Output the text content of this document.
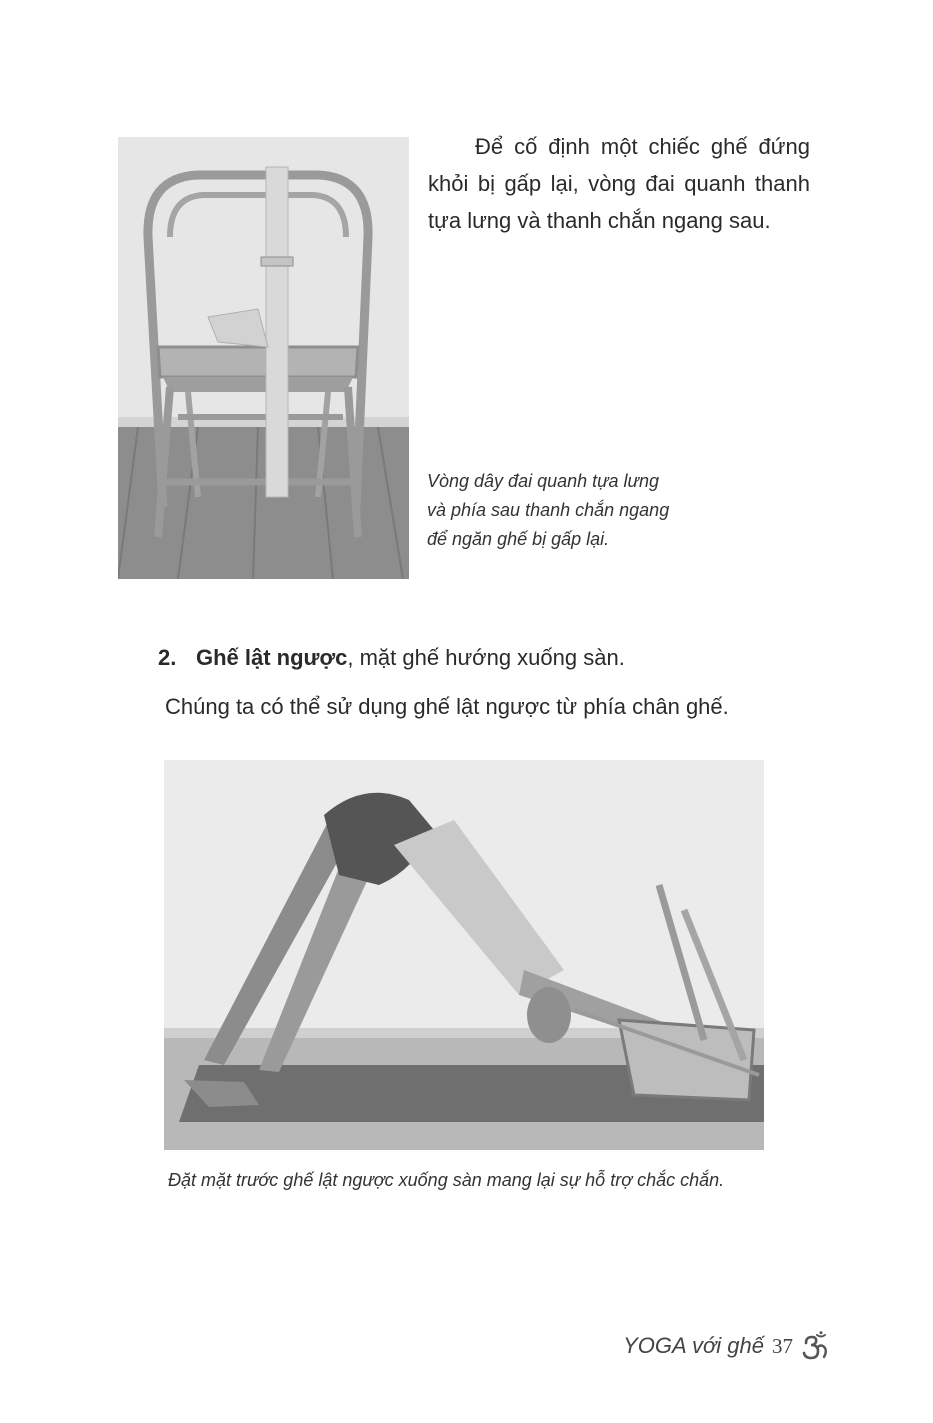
Để cố định một chiếc ghế đứng khỏi bị gấp lại, vòng đai quanh thanh tựa lưng và thanh chắn ngang sau.
Vòng dây đai quanh tựa lưng
và phía sau thanh chắn ngang
để ngăn ghế bị gấp lại.
2. Ghế lật ngược, mặt ghế hướng xuống sàn.
Chúng ta có thể sử dụng ghế lật ngược từ phía chân ghế.
Đặt mặt trước ghế lật ngược xuống sàn mang lại sự hỗ trợ chắc chắn.
YOGA với ghế 37
